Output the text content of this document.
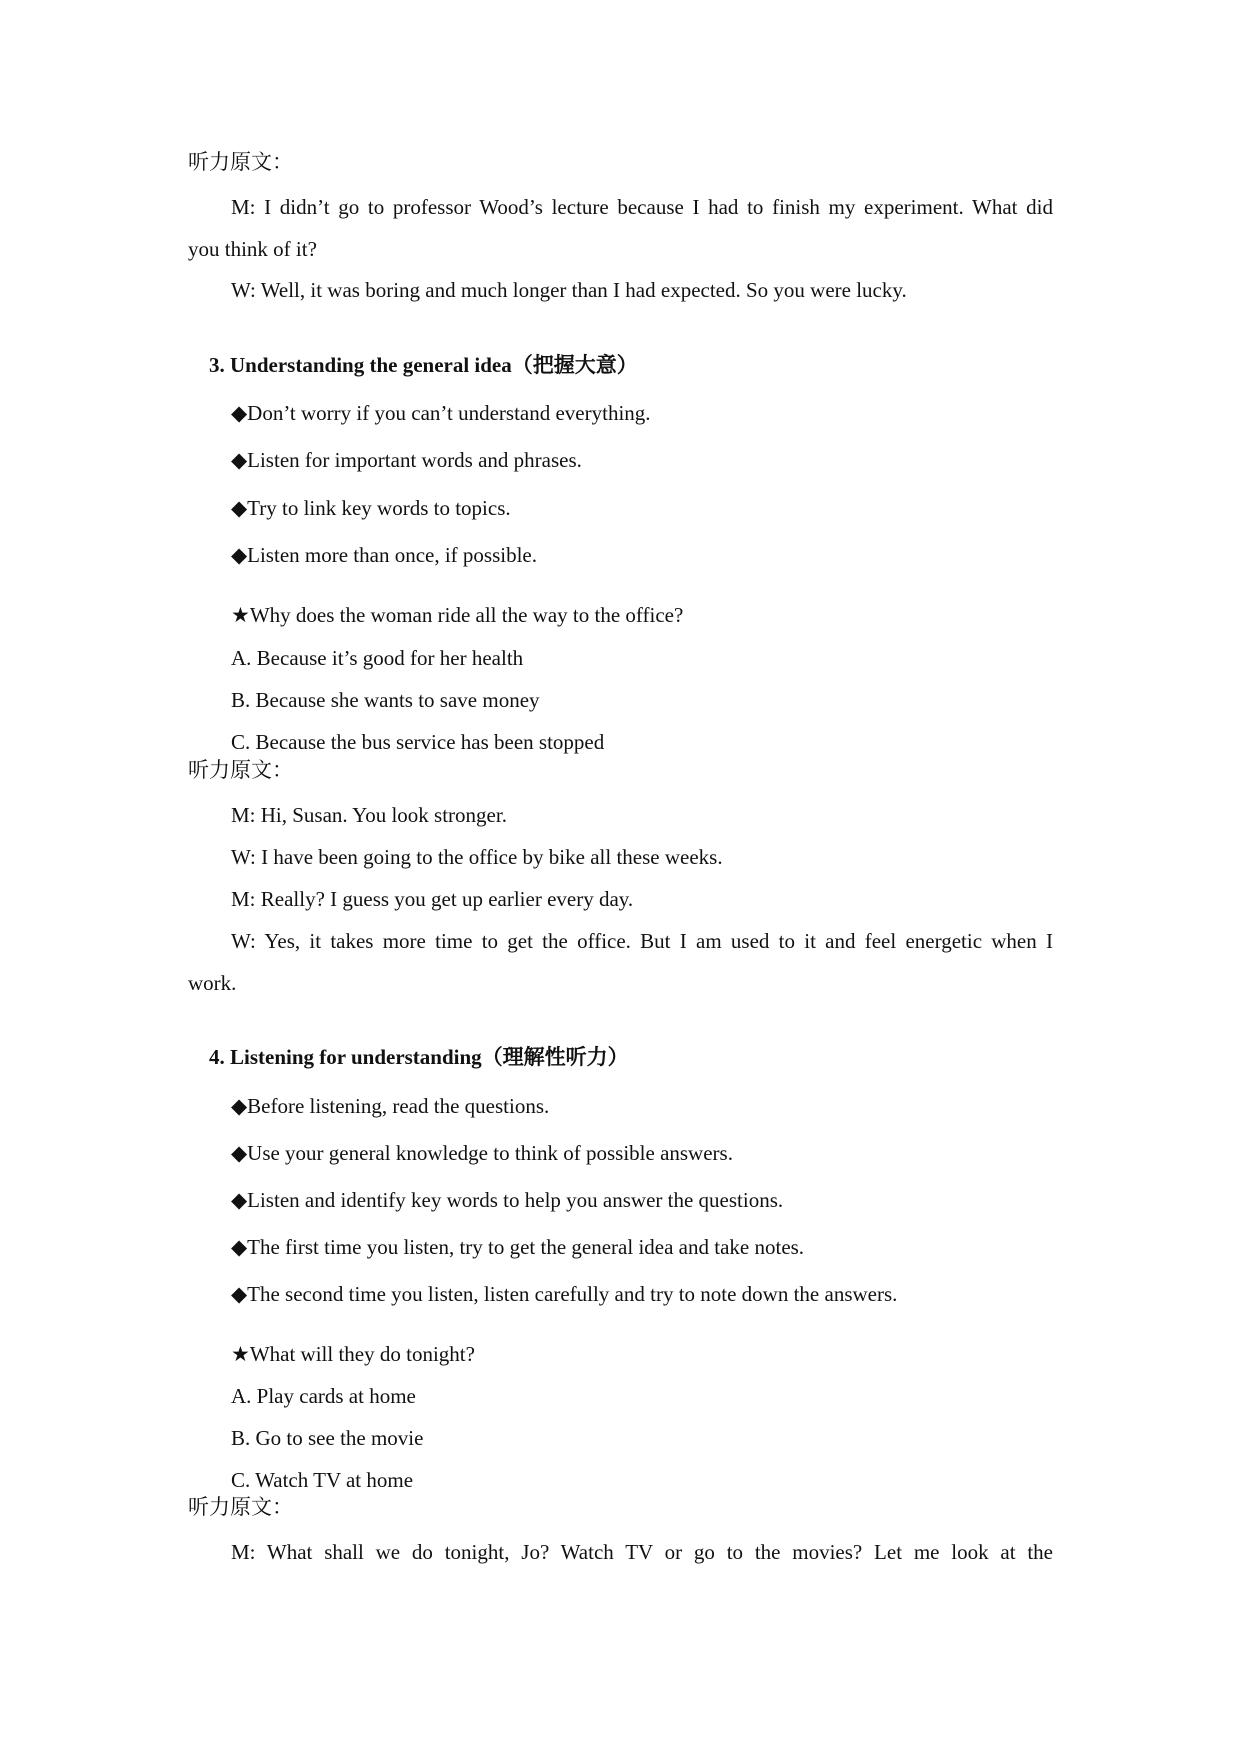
听力原文：
M: I didn’t go to professor Wood’s lecture because I had to finish my experiment. What did
you think of it?
W: Well, it was boring and much longer than I had expected. So you were lucky.
3. Understanding the general idea（把握大意）
◆Don’t worry if you can’t understand everything.
◆Listen for important words and phrases.
◆Try to link key words to topics.
◆Listen more than once, if possible.
★Why does the woman ride all the way to the office?
A. Because it’s good for her health
B. Because she wants to save money
C. Because the bus service has been stopped
听力原文：
M: Hi, Susan. You look stronger.
W: I have been going to the office by bike all these weeks.
M: Really? I guess you get up earlier every day.
W: Yes, it takes more time to get the office. But I am used to it and feel energetic when I
work.
4. Listening for understanding（理解性听力）
◆Before listening, read the questions.
◆Use your general knowledge to think of possible answers.
◆Listen and identify key words to help you answer the questions.
◆The first time you listen, try to get the general idea and take notes.
◆The second time you listen, listen carefully and try to note down the answers.
★What will they do tonight?
A. Play cards at home
B. Go to see the movie
C. Watch TV at home
听力原文：
M: What shall we do tonight, Jo? Watch TV or go to the movies? Let me look at the
